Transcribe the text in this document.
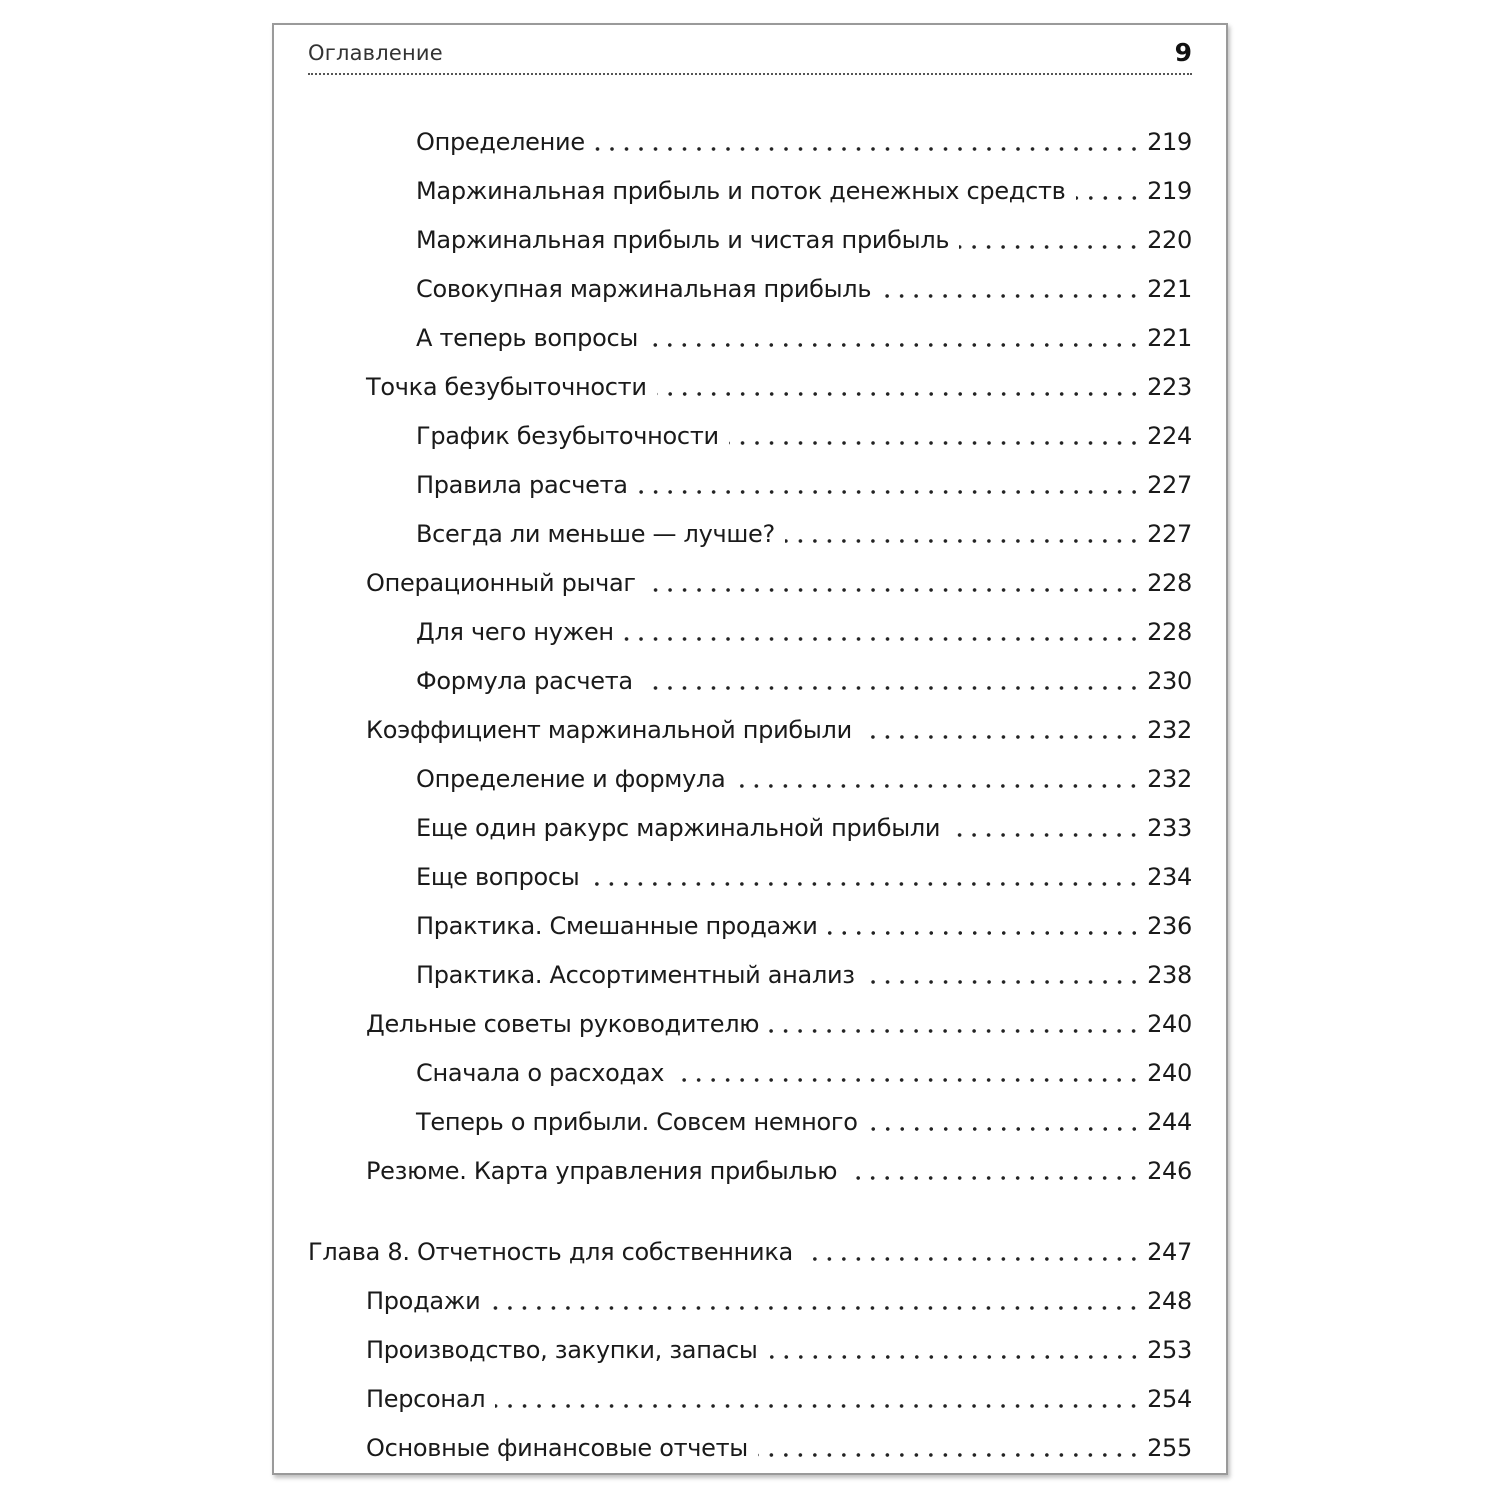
Оглавление	9
Определение	219
Маржинальная прибыль и поток денежных средств	219
Маржинальная прибыль и чистая прибыль	220
Совокупная маржинальная прибыль	221
А теперь вопросы	221
Точка безубыточности	223
График безубыточности	224
Правила расчета	227
Всегда ли меньше — лучше?	227
Операционный рычаг	228
Для чего нужен	228
Формула расчета	230
Коэффициент маржинальной прибыли	232
Определение и формула	232
Еще один ракурс маржинальной прибыли	233
Еще вопросы	234
Практика. Смешанные продажи	236
Практика. Ассортиментный анализ	238
Дельные советы руководителю	240
Сначала о расходах	240
Теперь о прибыли. Совсем немного	244
Резюме. Карта управления прибылью	246
Глава 8. Отчетность для собственника	247
Продажи	248
Производство, закупки, запасы	253
Персонал	254
Основные финансовые отчеты	255
